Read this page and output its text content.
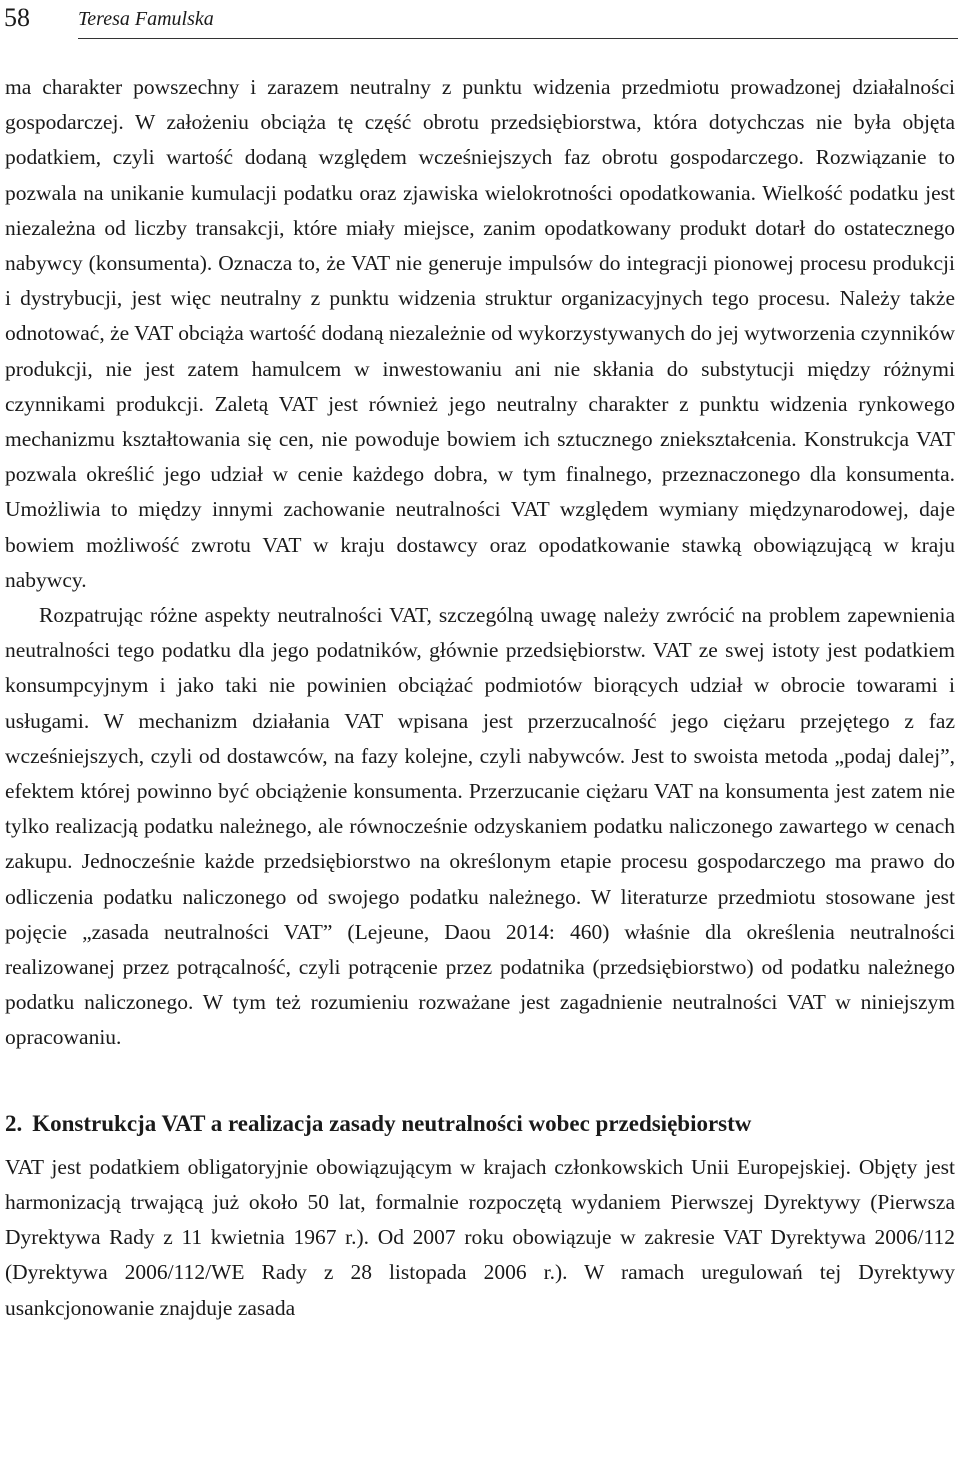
58 Teresa Famulska

ma charakter powszechny i zarazem neutralny z punktu widzenia przedmiotu prowadzonej działalności gospodarczej. W założeniu obciąża tę część obrotu przedsiębiorstwa, która dotychczas nie była objęta podatkiem, czyli wartość dodaną względem wcześniejszych faz obrotu gospodarczego. Rozwiązanie to pozwala na unikanie kumulacji podatku oraz zjawiska wielokrotności opodatkowania. Wielkość podatku jest niezależna od liczby transakcji, które miały miejsce, zanim opodatkowany produkt dotarł do ostatecznego nabywcy (konsumenta). Oznacza to, że VAT nie generuje impulsów do integracji pionowej procesu produkcji i dystrybucji, jest więc neutralny z punktu widzenia struktur organizacyjnych tego procesu. Należy także odnotować, że VAT obciąża wartość dodaną niezależnie od wykorzystywanych do jej wytworzenia czynników produkcji, nie jest zatem hamulcem w inwestowaniu ani nie skłania do substytucji między różnymi czynnikami produkcji. Zaletą VAT jest również jego neutralny charakter z punktu widzenia rynkowego mechanizmu kształtowania się cen, nie powoduje bowiem ich sztucznego zniekształcenia. Konstrukcja VAT pozwala określić jego udział w cenie każdego dobra, w tym finalnego, przeznaczonego dla konsumenta. Umożliwia to między innymi zachowanie neutralności VAT względem wymiany międzynarodowej, daje bowiem możliwość zwrotu VAT w kraju dostawcy oraz opodatkowanie stawką obowiązującą w kraju nabywcy.

Rozpatrując różne aspekty neutralności VAT, szczególną uwagę należy zwrócić na problem zapewnienia neutralności tego podatku dla jego podatników, głównie przedsiębiorstw. VAT ze swej istoty jest podatkiem konsumpcyjnym i jako taki nie powinien obciążać podmiotów biorących udział w obrocie towarami i usługami. W mechanizm działania VAT wpisana jest przerzucalność jego ciężaru przejętego z faz wcześniejszych, czyli od dostawców, na fazy kolejne, czyli nabywców. Jest to swoista metoda „podaj dalej”, efektem której powinno być obciążenie konsumenta. Przerzucanie ciężaru VAT na konsumenta jest zatem nie tylko realizacją podatku należnego, ale równocześnie odzyskaniem podatku naliczonego zawartego w cenach zakupu. Jednocześnie każde przedsiębiorstwo na określonym etapie procesu gospodarczego ma prawo do odliczenia podatku naliczonego od swojego podatku należnego. W literaturze przedmiotu stosowane jest pojęcie „zasada neutralności VAT” (Lejeune, Daou 2014: 460) właśnie dla określenia neutralności realizowanej przez potrącalność, czyli potrącenie przez podatnika (przedsiębiorstwo) od podatku należnego podatku naliczonego. W tym też rozumieniu rozważane jest zagadnienie neutralności VAT w niniejszym opracowaniu.

2. Konstrukcja VAT a realizacja zasady neutralności wobec przedsiębiorstw

VAT jest podatkiem obligatoryjnie obowiązującym w krajach członkowskich Unii Europejskiej. Objęty jest harmonizacją trwającą już około 50 lat, formalnie rozpoczętą wydaniem Pierwszej Dyrektywy (Pierwsza Dyrektywa Rady z 11 kwietnia 1967 r.). Od 2007 roku obowiązuje w zakresie VAT Dyrektywa 2006/112 (Dyrektywa 2006/112/WE Rady z 28 listopada 2006 r.). W ramach uregulowań tej Dyrektywy usankcjonowanie znajduje zasada
